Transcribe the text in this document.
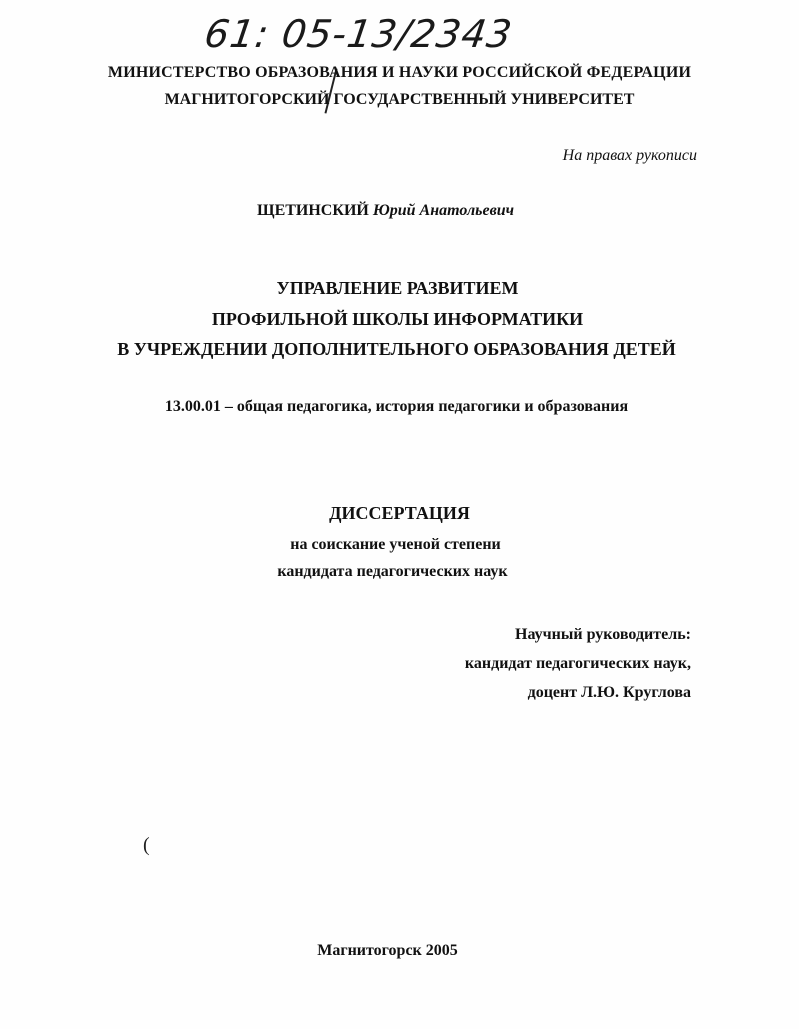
61: 05-13/2343
МИНИСТЕРСТВО ОБРАЗОВАНИЯ И НАУКИ РОССИЙСКОЙ ФЕДЕРАЦИИ
МАГНИТОГОРСКИЙ ГОСУДАРСТВЕННЫЙ УНИВЕРСИТЕТ
На правах рукописи
ЩЕТИНСКИЙ Юрий Анатольевич
УПРАВЛЕНИЕ РАЗВИТИЕМ
ПРОФИЛЬНОЙ ШКОЛЫ ИНФОРМАТИКИ
В УЧРЕЖДЕНИИ ДОПОЛНИТЕЛЬНОГО ОБРАЗОВАНИЯ ДЕТЕЙ
13.00.01 – общая педагогика, история педагогики и образования
ДИССЕРТАЦИЯ
на соискание ученой степени
кандидата педагогических наук
Научный руководитель:
кандидат педагогических наук,
доцент Л.Ю. Круглова
(
Магнитогорск 2005
